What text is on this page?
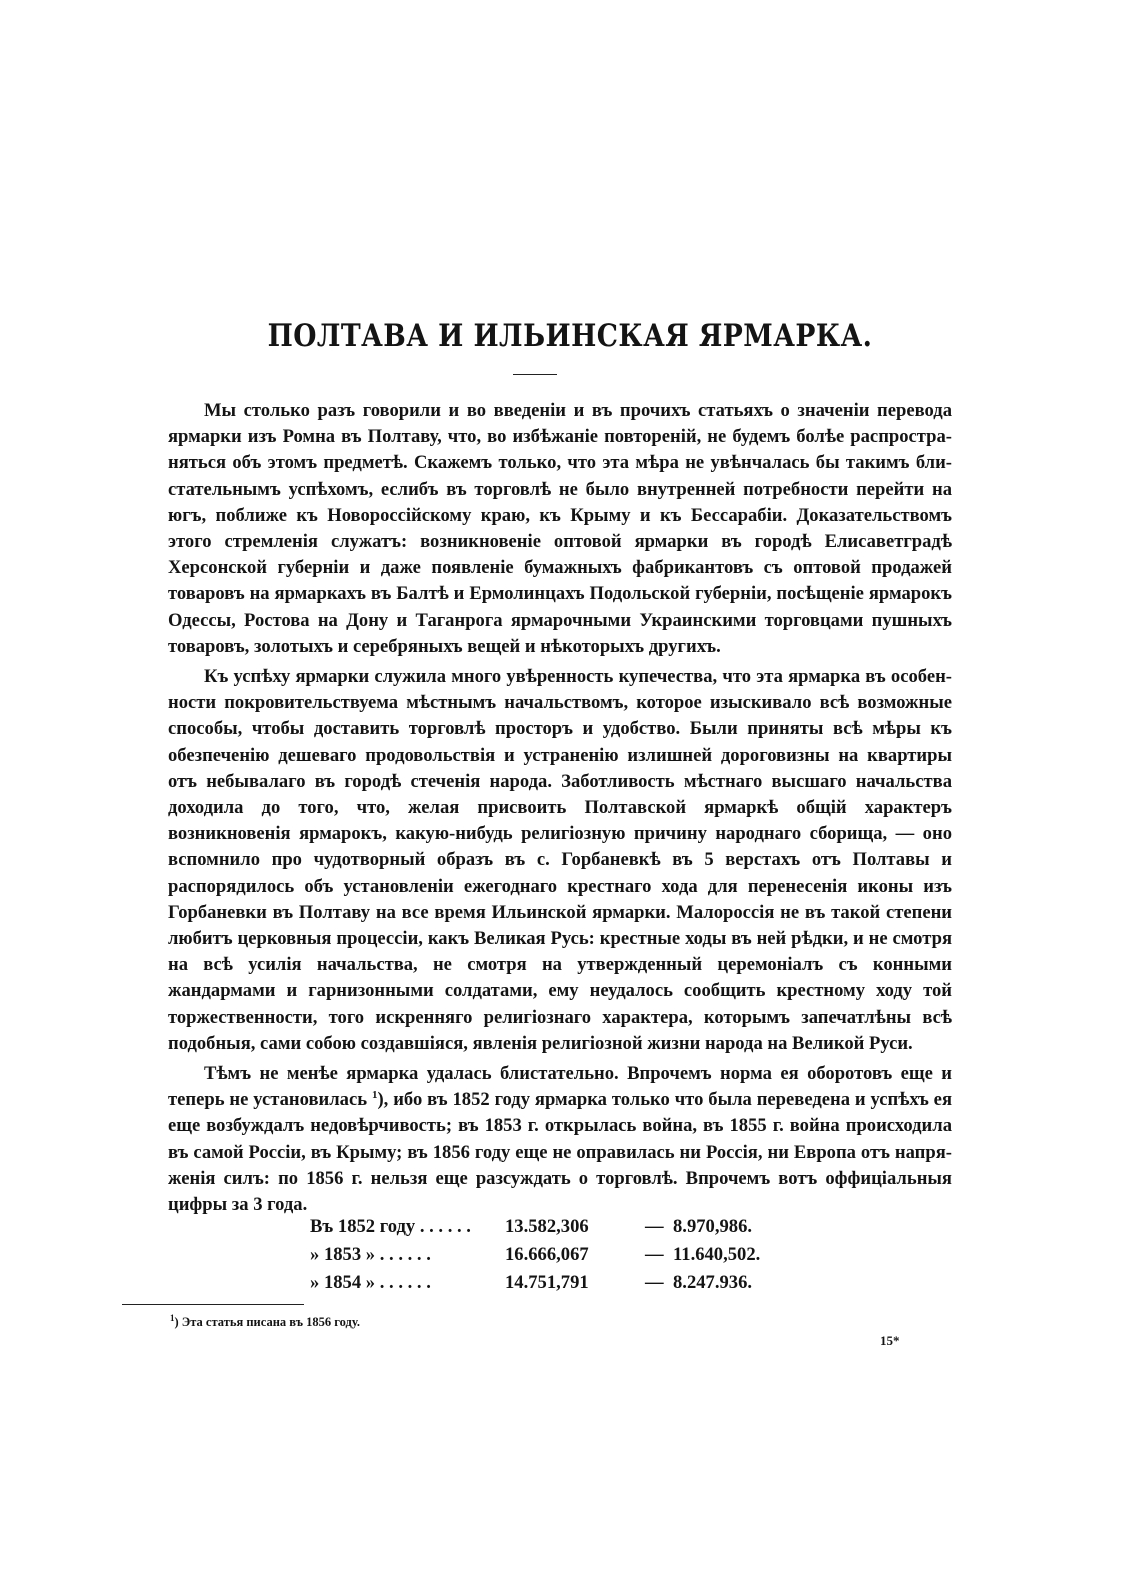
ПОЛТАВА И ИЛЬИНСКАЯ ЯРМАРКА.

Мы столько разъ говорили и во введеніи и въ прочихъ статьяхъ о значеніи перевода ярмарки изъ Ромна въ Полтаву, что, во избѣжаніе повтореній, не будемъ болѣе распространяться объ этомъ предметѣ. Скажемъ только, что эта мѣра не увѣнчалась бы такимъ блистательнымъ успѣхомъ, еслибъ въ торговлѣ не было внутренней потребности перейти на югъ, поближе къ Новороссійскому краю, къ Крыму и къ Бессарабіи. Доказательствомъ этого стремленія служатъ: возникновеніе оптовой ярмарки въ городѣ Елисаветградѣ Херсонской губерніи и даже появленіе бумажныхъ фабрикантовъ съ оптовой продажей товаровъ на ярмаркахъ въ Балтѣ и Ермолинцахъ Подольской губерніи, посѣщеніе ярмарокъ Одессы, Ростова на Дону и Таганрога ярмарочными Украинскими торговцами пушныхъ товаровъ, золотыхъ и серебряныхъ вещей и нѣкоторыхъ другихъ.

Къ успѣху ярмарки служила много увѣренность купечества, что эта ярмарка въ особенности покровительствуема мѣстнымъ начальствомъ, которое изыскивало всѣ возможные способы, чтобы доставить торговлѣ просторъ и удобство. Были приняты всѣ мѣры къ обезпеченію дешеваго продовольствія и устраненію излишней дороговизны на квартиры отъ небывалаго въ городѣ стеченія народа. Заботливость мѣстнаго высшаго начальства доходила до того, что, желая присвоить Полтавской ярмаркѣ общій характеръ возникновенія ярмарокъ, какую-нибудь религіозную причину народнаго сборища, — оно вспомнило про чудотворный образъ въ с. Горбаневкѣ въ 5 верстахъ отъ Полтавы и распорядилось объ установленіи ежегоднаго крестнаго хода для перенесенія иконы изъ Горбаневки въ Полтаву на все время Ильинской ярмарки. Малороссія не въ такой степени любитъ церковныя процессіи, какъ Великая Русь: крестные ходы въ ней рѣдки, и не смотря на всѣ усилія начальства, не смотря на утвержденный церемоніалъ съ конными жандармами и гарнизонными солдатами, ему неудалось сообщить крестному ходу той торжественности, того искренняго религіознаго характера, которымъ запечатлѣны всѣ подобныя, сами собою создавшіяся, явленія религіозной жизни народа на Великой Руси.

Тѣмъ не менѣе ярмарка удалась блистательно. Впрочемъ норма ея оборотовъ еще и теперь не установилась $^1$), ибо въ 1852 году ярмарка только что была переведена и успѣхъ ея еще возбуждалъ недовѣрчивость; въ 1853 г. открылась война, въ 1855 г. война происходила въ самой Россіи, въ Крыму; въ 1856 году еще не оправилась ни Россія, ни Европа отъ напряженія силъ: по 1856 г. нельзя еще разсуждать о торговлѣ. Впрочемъ вотъ оффиціальныя цифры за 3 года.

Въ 1852 году . . . . . .	13.582,306	— 8.970,986.
» 1853 » . . . . . .	16.666,067	— 11.640,502.
» 1854 » . . . . . .	14.751,791	— 8.247.936.
$^1$) Эта статья писана въ 1856 году.
15*
